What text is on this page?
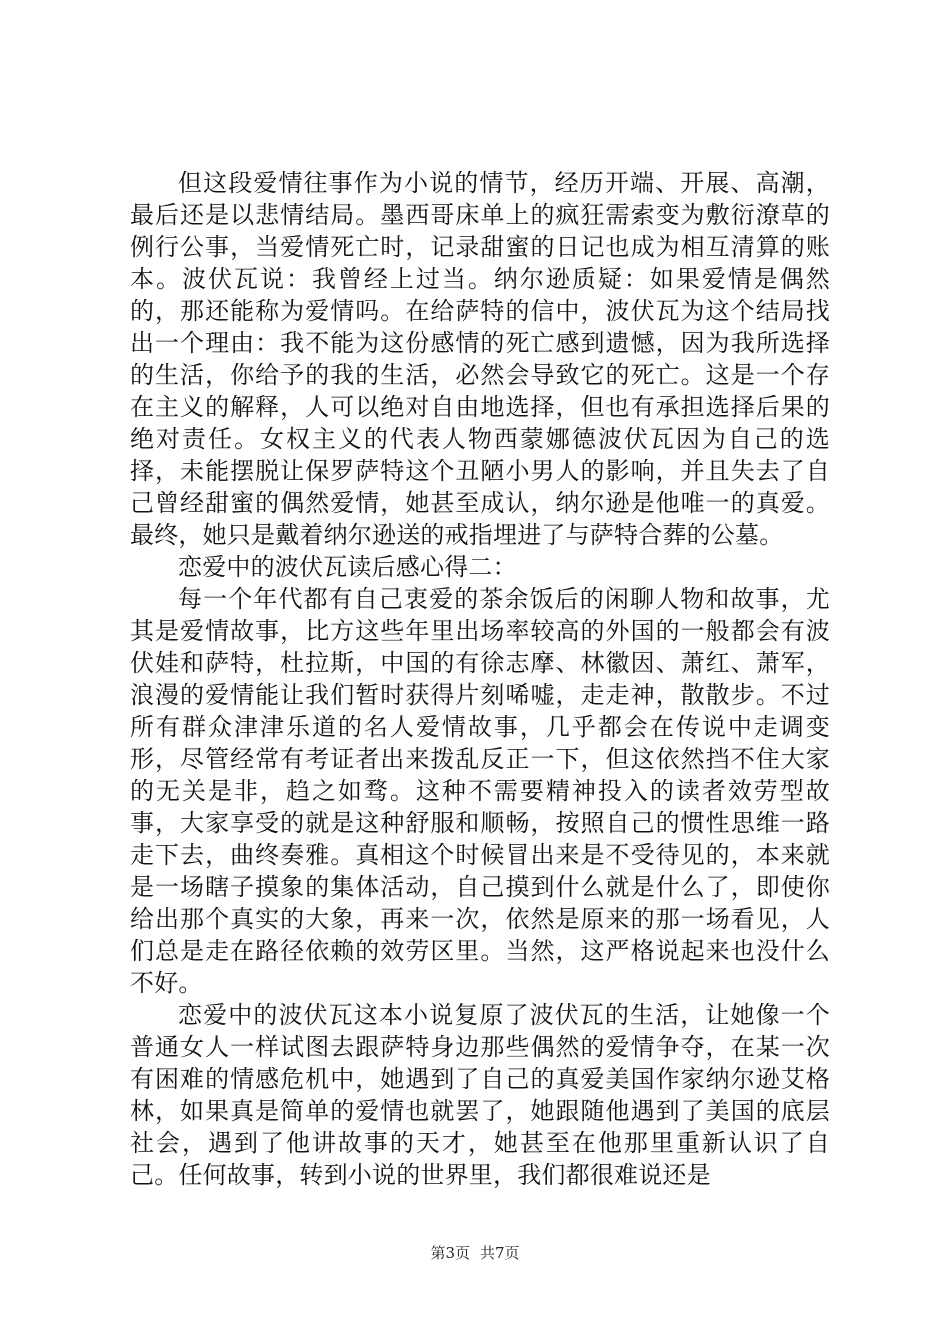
但这段爱情往事作为小说的情节，经历开端、开展、高潮，最后还是以悲情结局。墨西哥床单上的疯狂需索变为敷衍潦草的例行公事，当爱情死亡时，记录甜蜜的日记也成为相互清算的账本。波伏瓦说：我曾经上过当。纳尔逊质疑：如果爱情是偶然的，那还能称为爱情吗。在给萨特的信中，波伏瓦为这个结局找出一个理由：我不能为这份感情的死亡感到遗憾，因为我所选择的生活，你给予的我的生活，必然会导致它的死亡。这是一个存在主义的解释，人可以绝对自由地选择，但也有承担选择后果的绝对责任。女权主义的代表人物西蒙娜德波伏瓦因为自己的选择，未能摆脱让保罗萨特这个丑陋小男人的影响，并且失去了自己曾经甜蜜的偶然爱情，她甚至成认，纳尔逊是他唯一的真爱。最终，她只是戴着纳尔逊送的戒指埋进了与萨特合葬的公墓。

恋爱中的波伏瓦读后感心得二：

每一个年代都有自己衷爱的茶余饭后的闲聊人物和故事，尤其是爱情故事，比方这些年里出场率较高的外国的一般都会有波伏娃和萨特，杜拉斯，中国的有徐志摩、林徽因、萧红、萧军，浪漫的爱情能让我们暂时获得片刻唏嘘，走走神，散散步。不过所有群众津津乐道的名人爱情故事，几乎都会在传说中走调变形，尽管经常有考证者出来拨乱反正一下，但这依然挡不住大家的无关是非，趋之如骛。这种不需要精神投入的读者效劳型故事，大家享受的就是这种舒服和顺畅，按照自己的惯性思维一路走下去，曲终奏雅。真相这个时候冒出来是不受待见的，本来就是一场瞎子摸象的集体活动，自己摸到什么就是什么了，即使你给出那个真实的大象，再来一次，依然是原来的那一场看见，人们总是走在路径依赖的效劳区里。当然，这严格说起来也没什么不好。

恋爱中的波伏瓦这本小说复原了波伏瓦的生活，让她像一个普通女人一样试图去跟萨特身边那些偶然的爱情争夺，在某一次有困难的情感危机中，她遇到了自己的真爱美国作家纳尔逊艾格林，如果真是简单的爱情也就罢了，她跟随他遇到了美国的底层社会，遇到了他讲故事的天才，她甚至在他那里重新认识了自己。任何故事，转到小说的世界里，我们都很难说还是

第3页 共7页
